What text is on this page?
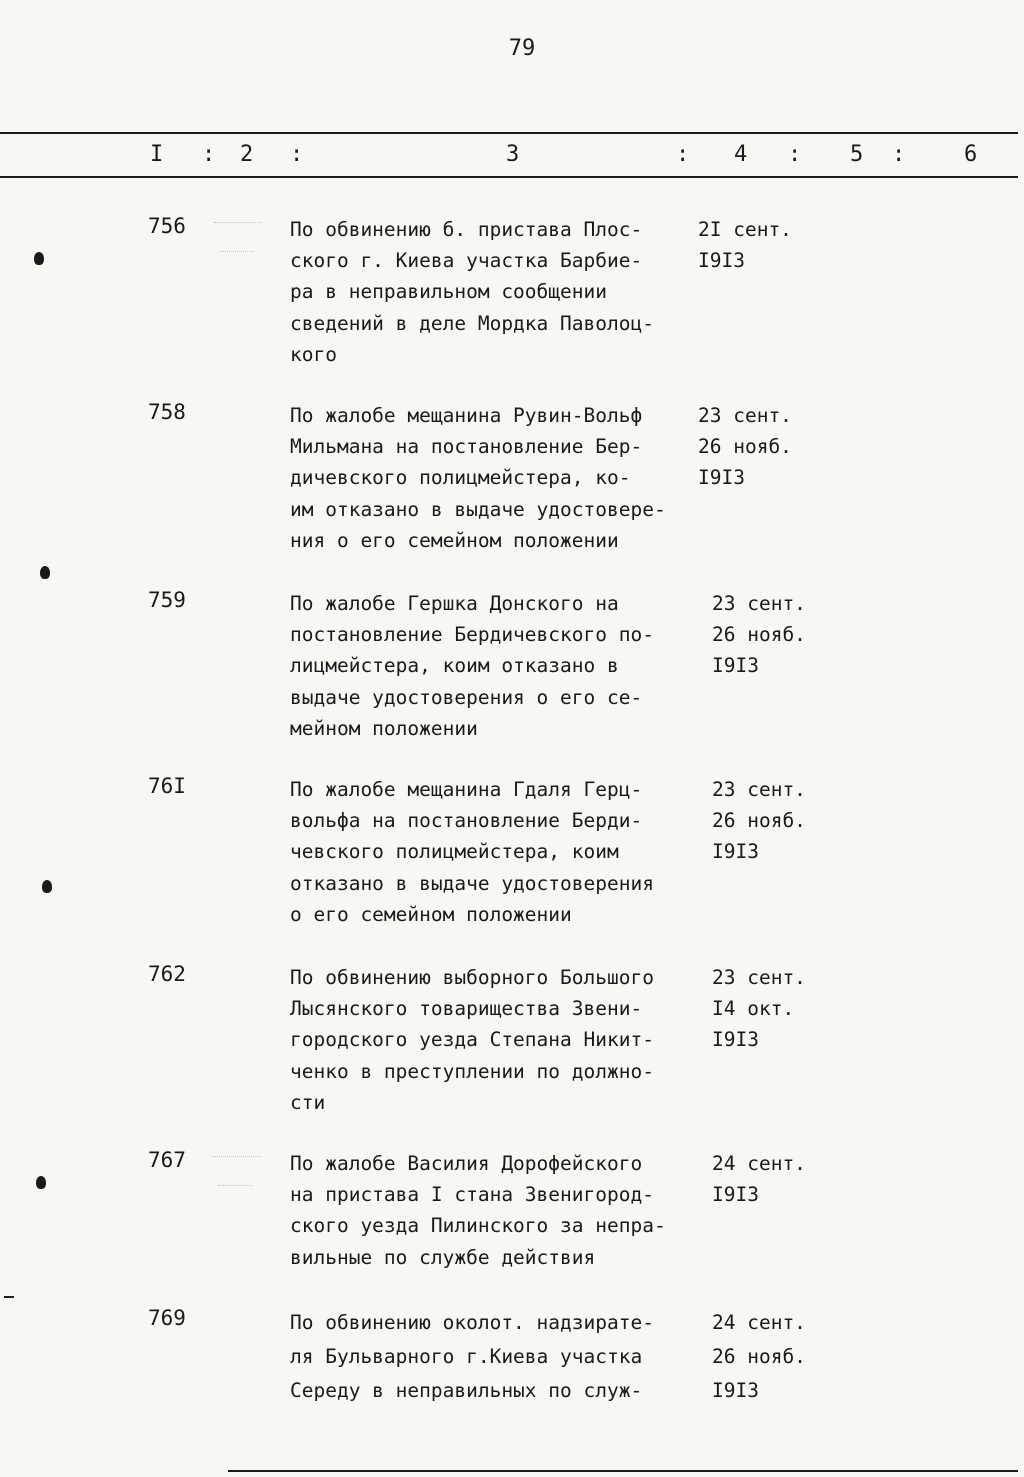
79
I : 2 :	3	: 4 : 5 :	6
756	По обвинению б. пристава Плос-
ского г. Киева участка Барбие-
ра в неправильном сообщении
сведений в деле Мордка Паволоц-
кого
2I сент.
I9I3
758	По жалобе мещанина Рувин-Вольф
Мильмана на постановление Бер-
дичевского полицмейстера, ко-
им отказано в выдаче удостовере-
ния о его семейном положении
23 сент.
26 нояб.
I9I3
759	По жалобе Гершка Донского на
постановление Бердичевского по-
лицмейстера, коим отказано в
выдаче удостоверения о его се-
мейном положении
23 сент.
26 нояб.
I9I3
76I	По жалобе мещанина Гдаля Герц-
вольфа на постановление Берди-
чевского полицмейстера, коим
отказано в выдаче удостоверения
о его семейном положении
23 сент.
26 нояб.
I9I3
762	По обвинению выборного Большого
Лысянского товарищества Звени-
городского уезда Степана Никит-
ченко в преступлении по должно-
сти
23 сент.
I4 окт.
I9I3
767	По жалобе Василия Дорофейского
на пристава I стана Звенигород-
ского уезда Пилинского за непра-
вильные по службе действия
24 сент.
I9I3
769	По обвинению околот. надзирате-
ля Бульварного г.Киева участка
Середу в неправильных по служ-
24 сент.
26 нояб.
I9I3
